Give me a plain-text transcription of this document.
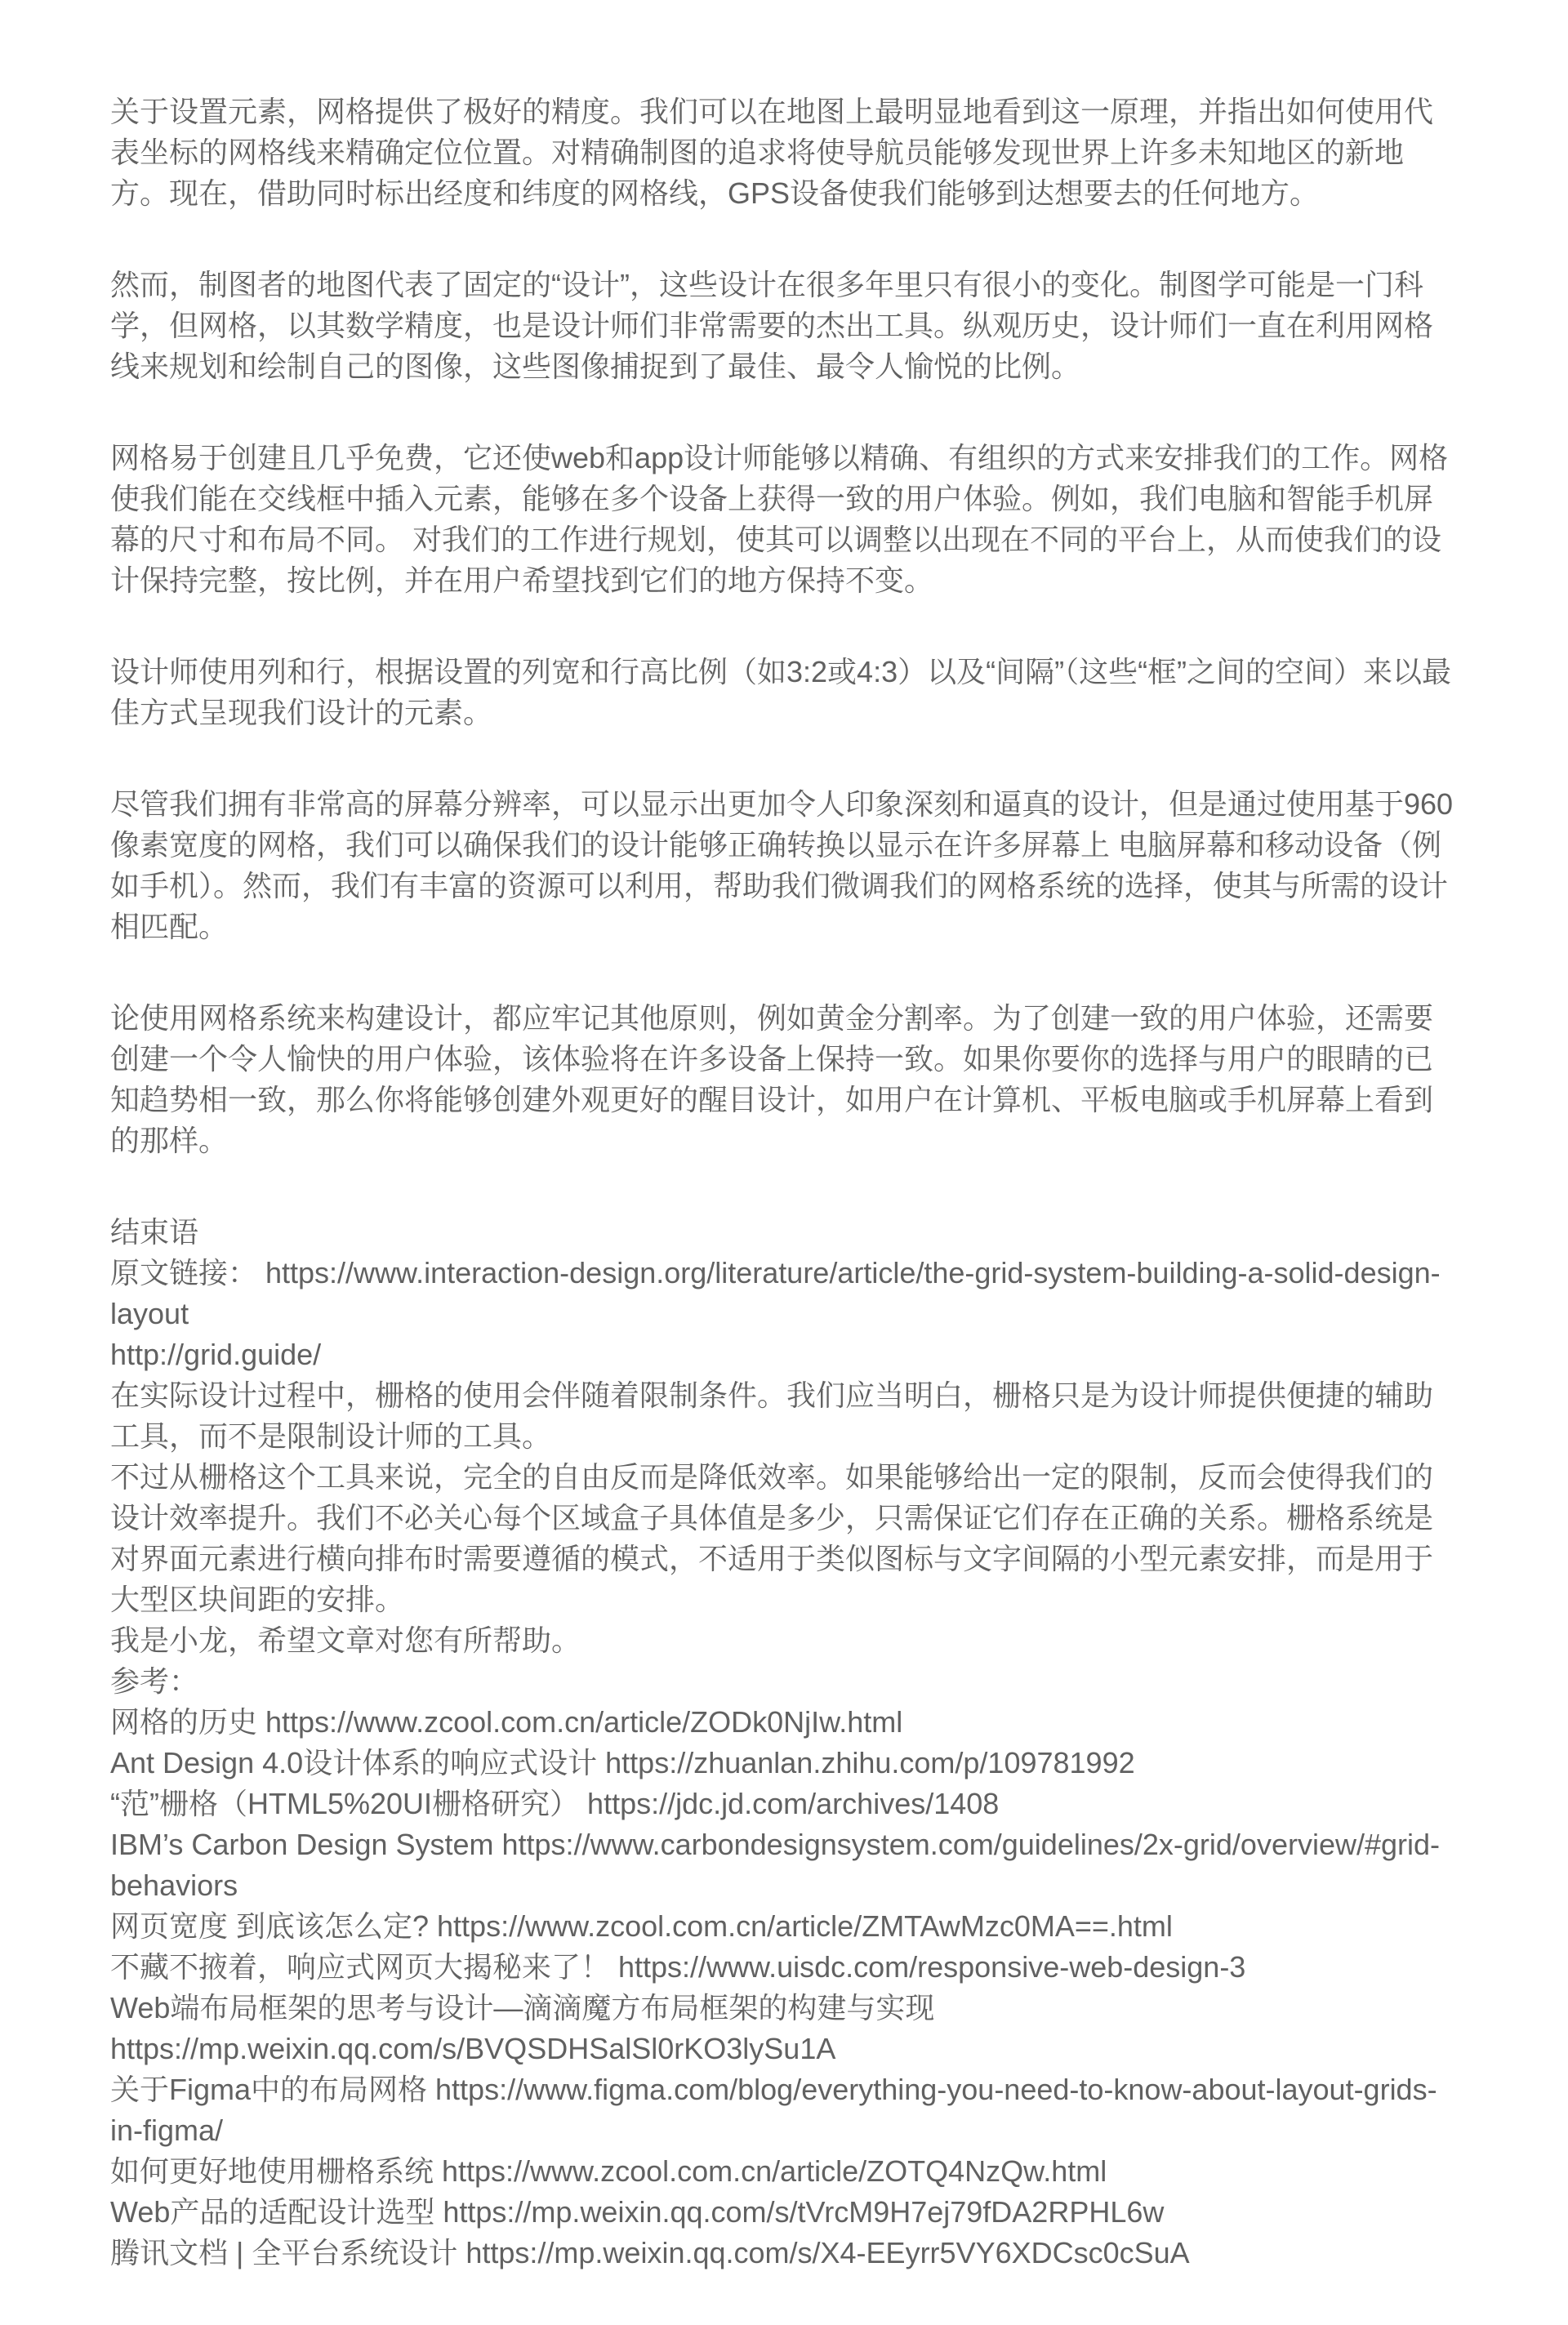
关于设置元素，网格提供了极好的精度。我们可以在地图上最明显地看到这一原理，并指出如何使用代表坐标的网格线来精确定位位置。对精确制图的追求将使导航员能够发现世界上许多未知地区的新地方。现在，借助同时标出经度和纬度的网格线，GPS设备使我们能够到达想要去的任何地方。

然而，制图者的地图代表了固定的“设计”，这些设计在很多年里只有很小的变化。制图学可能是一门科学，但网格，以其数学精度，也是设计师们非常需要的杰出工具。纵观历史，设计师们一直在利用网格线来规划和绘制自己的图像，这些图像捕捉到了最佳、最令人愉悦的比例。

网格易于创建且几乎免费，它还使web和app设计师能够以精确、有组织的方式来安排我们的工作。网格使我们能在交线框中插入元素，能够在多个设备上获得一致的用户体验。例如，我们电脑和智能手机屏幕的尺寸和布局不同。 对我们的工作进行规划，使其可以调整以出现在不同的平台上，从而使我们的设计保持完整，按比例，并在用户希望找到它们的地方保持不变。

设计师使用列和行，根据设置的列宽和行高比例（如3:2或4:3）以及“间隔”（这些“框”之间的空间）来以最佳方式呈现我们设计的元素。

尽管我们拥有非常高的屏幕分辨率，可以显示出更加令人印象深刻和逼真的设计，但是通过使用基于960像素宽度的网格，我们可以确保我们的设计能够正确转换以显示在许多屏幕上 电脑屏幕和移动设备（例如手机）。然而，我们有丰富的资源可以利用，帮助我们微调我们的网格系统的选择，使其与所需的设计相匹配。

论使用网格系统来构建设计，都应牢记其他原则，例如黄金分割率。为了创建一致的用户体验，还需要创建一个令人愉快的用户体验，该体验将在许多设备上保持一致。如果你要你的选择与用户的眼睛的已知趋势相一致，那么你将能够创建外观更好的醒目设计，如用户在计算机、平板电脑或手机屏幕上看到的那样。

结束语

原文链接： https://www.interaction-design.org/literature/article/the-grid-system-building-a-solid-design-layout

http://grid.guide/

在实际设计过程中，栅格的使用会伴随着限制条件。我们应当明白，栅格只是为设计师提供便捷的辅助工具，而不是限制设计师的工具。

不过从栅格这个工具来说，完全的自由反而是降低效率。如果能够给出一定的限制，反而会使得我们的设计效率提升。我们不必关心每个区域盒子具体值是多少，只需保证它们存在正确的关系。栅格系统是对界面元素进行横向排布时需要遵循的模式，不适用于类似图标与文字间隔的小型元素安排，而是用于大型区块间距的安排。

我是小龙，希望文章对您有所帮助。

参考：

网格的历史 https://www.zcool.com.cn/article/ZODk0NjIw.html

Ant Design 4.0设计体系的响应式设计 https://zhuanlan.zhihu.com/p/109781992

“范”栅格（HTML5%20UI栅格研究） https://jdc.jd.com/archives/1408

IBM’s Carbon Design System https://www.carbondesignsystem.com/guidelines/2x-grid/overview/#grid-behaviors

网页宽度 到底该怎么定? https://www.zcool.com.cn/article/ZMTAwMzc0MA==.html

不藏不掖着，响应式网页大揭秘来了！ https://www.uisdc.com/responsive-web-design-3

Web端布局框架的思考与设计—滴滴魔方布局框架的构建与实现https://mp.weixin.qq.com/s/BVQSDHSalSl0rKO3lySu1A

关于Figma中的布局网格 https://www.figma.com/blog/everything-you-need-to-know-about-layout-grids-in-figma/

如何更好地使用栅格系统 https://www.zcool.com.cn/article/ZOTQ4NzQw.html

Web产品的适配设计选型 https://mp.weixin.qq.com/s/tVrcM9H7ej79fDA2RPHL6w

腾讯文档 | 全平台系统设计 https://mp.weixin.qq.com/s/X4-EEyrr5VY6XDCsc0cSuA
